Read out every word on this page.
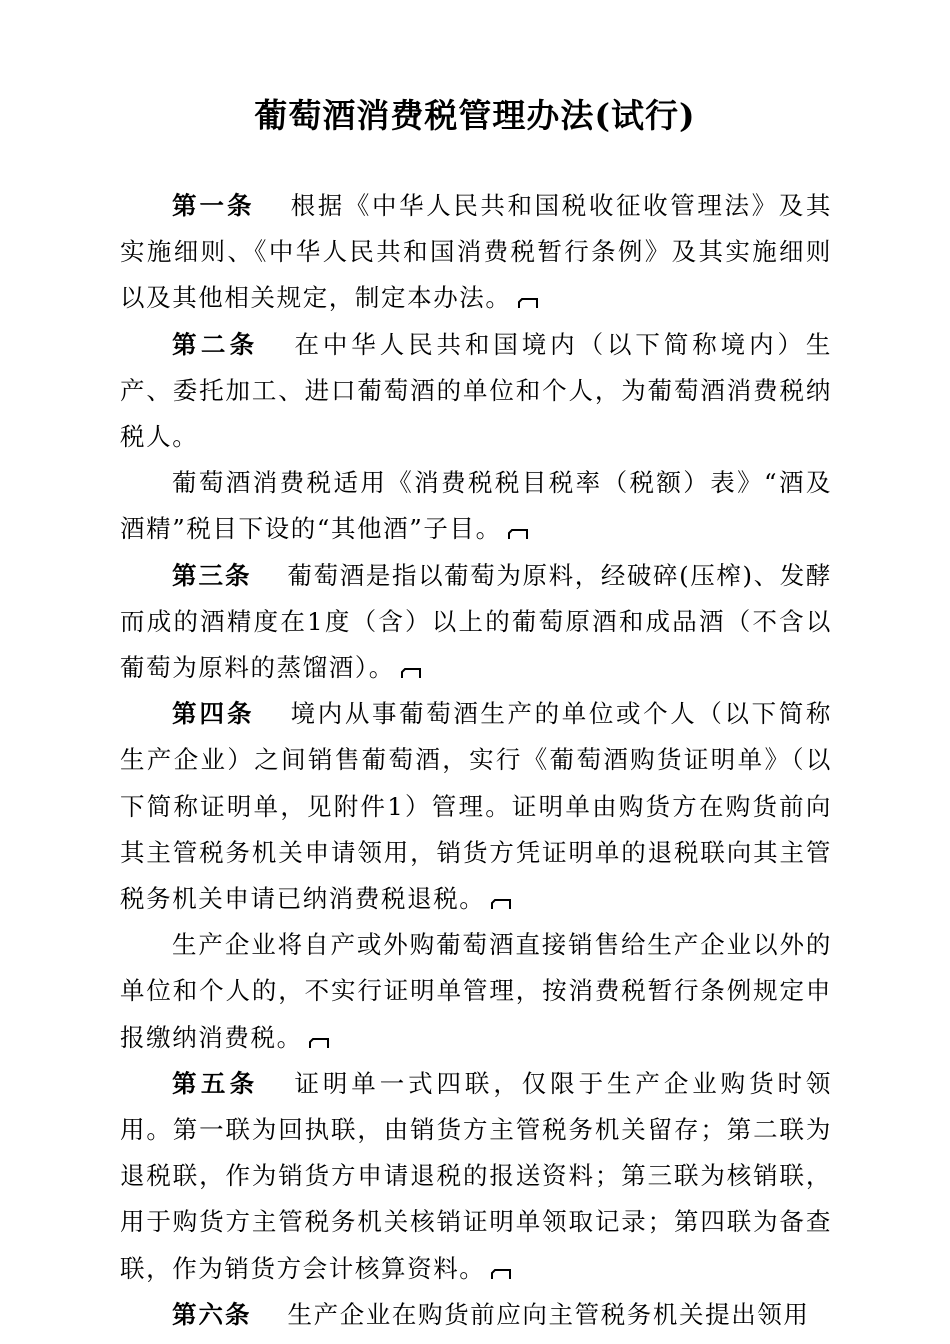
葡萄酒消费税管理办法(试行)

第一条 根据《中华人民共和国税收征收管理法》及其实施细则、《中华人民共和国消费税暂行条例》及其实施细则以及其他相关规定，制定本办法。

第二条 在中华人民共和国境内（以下简称境内）生产、委托加工、进口葡萄酒的单位和个人，为葡萄酒消费税纳税人。

葡萄酒消费税适用《消费税税目税率（税额）表》“酒及酒精”税目下设的“其他酒”子目。

第三条 葡萄酒是指以葡萄为原料，经破碎(压榨)、发酵而成的酒精度在1度（含）以上的葡萄原酒和成品酒（不含以葡萄为原料的蒸馏酒）。

第四条 境内从事葡萄酒生产的单位或个人（以下简称生产企业）之间销售葡萄酒，实行《葡萄酒购货证明单》（以下简称证明单，见附件1）管理。证明单由购货方在购货前向其主管税务机关申请领用，销货方凭证明单的退税联向其主管税务机关申请已纳消费税退税。

生产企业将自产或外购葡萄酒直接销售给生产企业以外的单位和个人的，不实行证明单管理，按消费税暂行条例规定申报缴纳消费税。

第五条 证明单一式四联，仅限于生产企业购货时领用。第一联为回执联，由销货方主管税务机关留存；第二联为退税联，作为销货方申请退税的报送资料；第三联为核销联，用于购货方主管税务机关核销证明单领取记录；第四联为备查联，作为销货方会计核算资料。

第六条 生产企业在购货前应向主管税务机关提出领用
